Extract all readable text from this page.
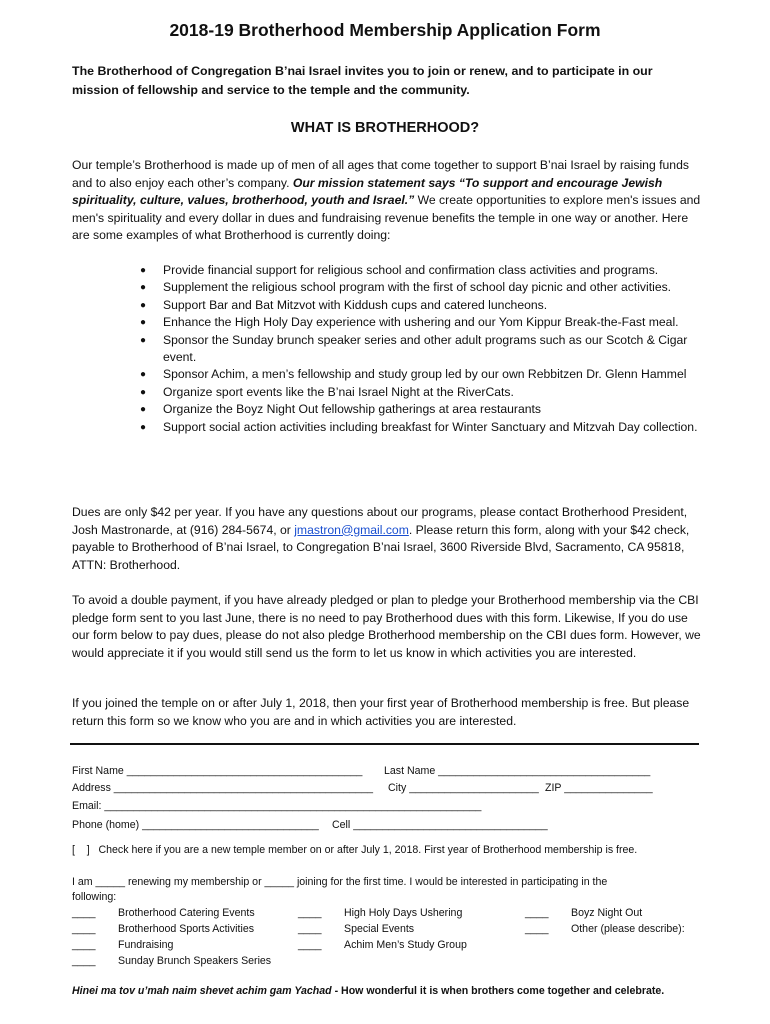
2018-19 Brotherhood Membership Application Form
The Brotherhood of Congregation B’nai Israel invites you to join or renew, and to participate in our mission of fellowship and service to the temple and the community.
WHAT IS BROTHERHOOD?
Our temple’s Brotherhood is made up of men of all ages that come together to support B’nai Israel by raising funds and to also enjoy each other’s company. Our mission statement says “To support and encourage Jewish spirituality, culture, values, brotherhood, youth and Israel.” We create opportunities to explore men's issues and men's spirituality and every dollar in dues and fundraising revenue benefits the temple in one way or another. Here are some examples of what Brotherhood is currently doing:
● Provide financial support for religious school and confirmation class activities and programs.
● Supplement the religious school program with the first of school day picnic and other activities.
● Support Bar and Bat Mitzvot with Kiddush cups and catered luncheons.
● Enhance the High Holy Day experience with ushering and our Yom Kippur Break-the-Fast meal.
● Sponsor the Sunday brunch speaker series and other adult programs such as our Scotch & Cigar event.
● Sponsor Achim, a men’s fellowship and study group led by our own Rebbitzen Dr. Glenn Hammel
● Organize sport events like the B’nai Israel Night at the RiverCats.
● Organize the Boyz Night Out fellowship gatherings at area restaurants
● Support social action activities including breakfast for Winter Sanctuary and Mitzvah Day collection.
Dues are only $42 per year. If you have any questions about our programs, please contact Brotherhood President, Josh Mastronarde, at (916) 284-5674, or jmastron@gmail.com. Please return this form, along with your $42 check, payable to Brotherhood of B’nai Israel, to Congregation B’nai Israel, 3600 Riverside Blvd, Sacramento, CA 95818, ATTN: Brotherhood.
To avoid a double payment, if you have already pledged or plan to pledge your Brotherhood membership via the CBI pledge form sent to you last June, there is no need to pay Brotherhood dues with this form. Likewise, If you do use our form below to pay dues, please do not also pledge Brotherhood membership on the CBI dues form. However, we would appreciate it if you would still send us the form to let us know in which activities you are interested.
If you joined the temple on or after July 1, 2018, then your first year of Brotherhood membership is free. But please return this form so we know who you are and in which activities you are interested.
First Name ________________________________________ Last Name ____________________________________
Address ____________________________________________ City ______________________ ZIP _______________
Email: ________________________________________________________________
Phone (home) ______________________________ Cell _________________________________
[    ]   Check here if you are a new temple member on or after July 1, 2018. First year of Brotherhood membership is free.
I am _____ renewing my membership or _____ joining for the first time. I would be interested in participating in the
following:
____ Brotherhood Catering Events	____ High Holy Days Ushering	____ Boyz Night Out
____ Brotherhood Sports Activities	____ Special Events	____ Other (please describe):
____ Fundraising	____ Achim Men’s Study Group
____ Sunday Brunch Speakers Series
Hinei ma tov u’mah naim shevet achim gam Yachad - How wonderful it is when brothers come together and celebrate.
